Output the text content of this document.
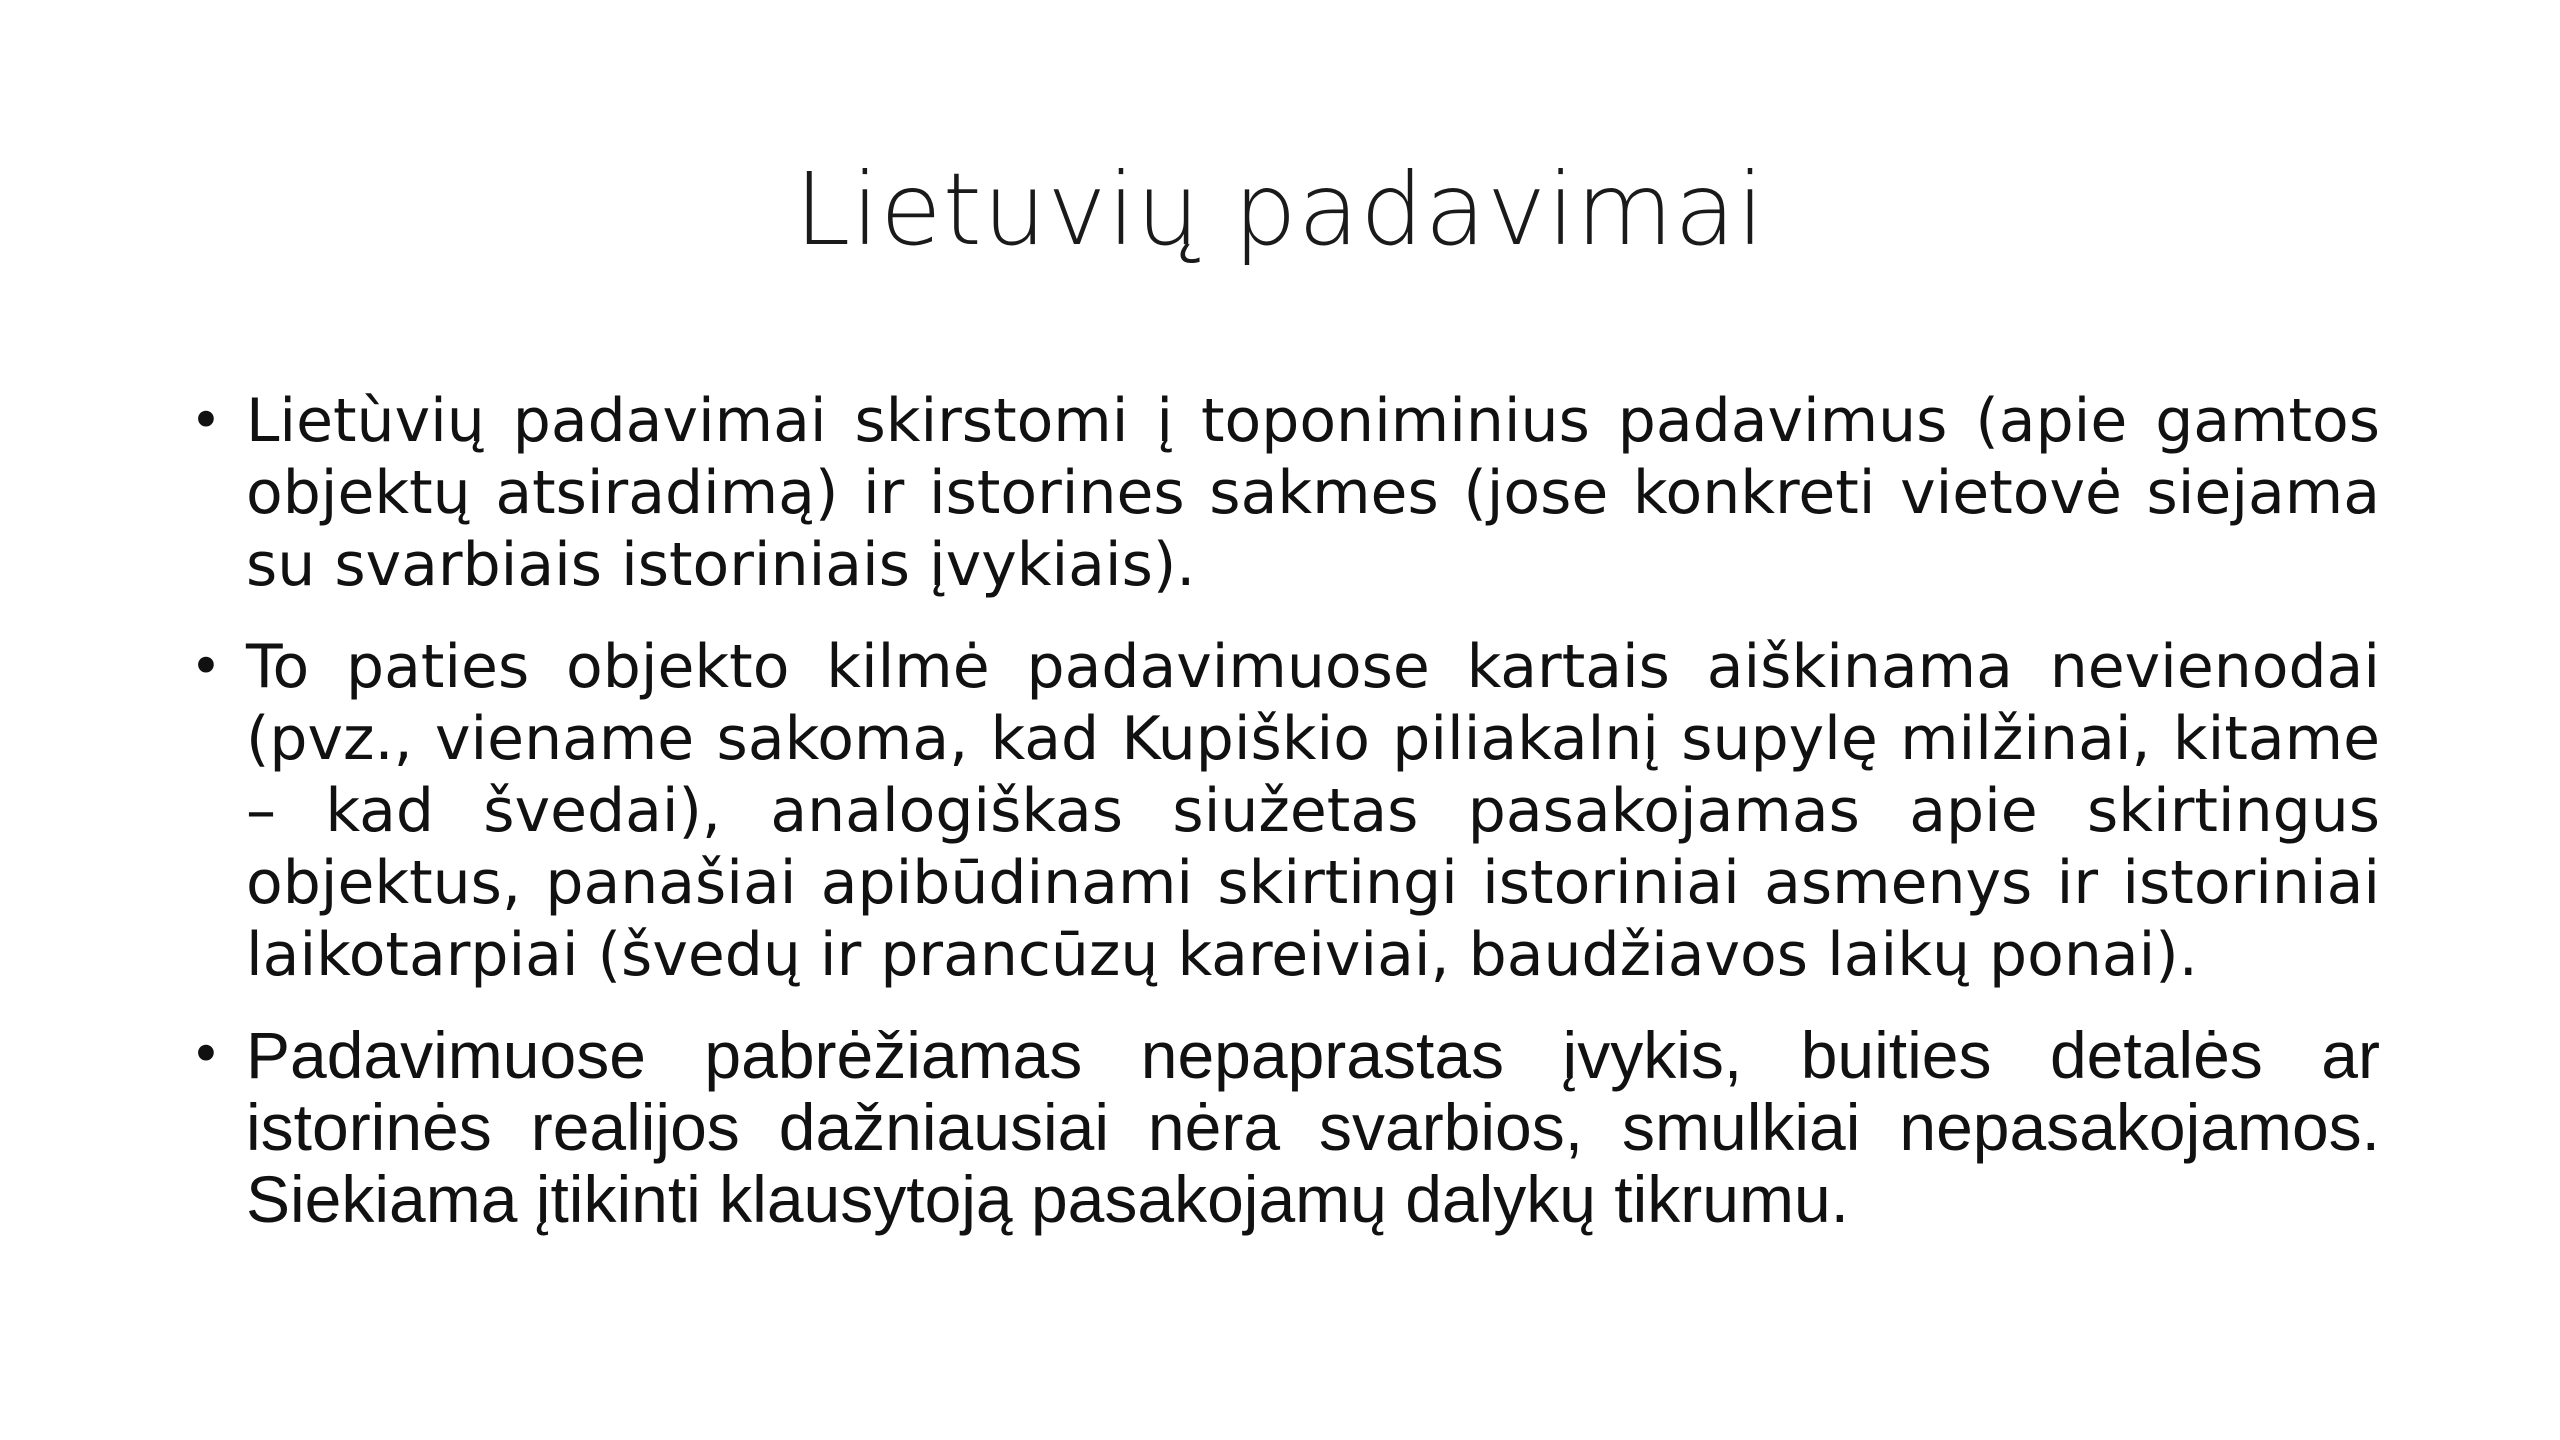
Lietuvių padavimai
• Lietùvių padavimai skirstomi į toponiminius padavimus (apie gamtos objektų atsiradimą) ir istorines sakmes (jose konkreti vietovė siejama su svarbiais istoriniais įvykiais).
• To paties objekto kilmė padavimuose kartais aiškinama nevienodai (pvz., viename sakoma, kad Kupiškio piliakalnį supylę milžinai, kitame – kad švedai), analogiškas siužetas pasakojamas apie skirtingus objektus, panašiai apibūdinami skirtingi istoriniai asmenys ir istoriniai laikotarpiai (švedų ir prancūzų kareiviai, baudžiavos laikų ponai).
• Padavimuose pabrėžiamas nepaprastas įvykis, buities detalės ar istorinės realijos dažniausiai nėra svarbios, smulkiai nepasakojamos. Siekiama įtikinti klausytoją pasakojamų dalykų tikrumu.
